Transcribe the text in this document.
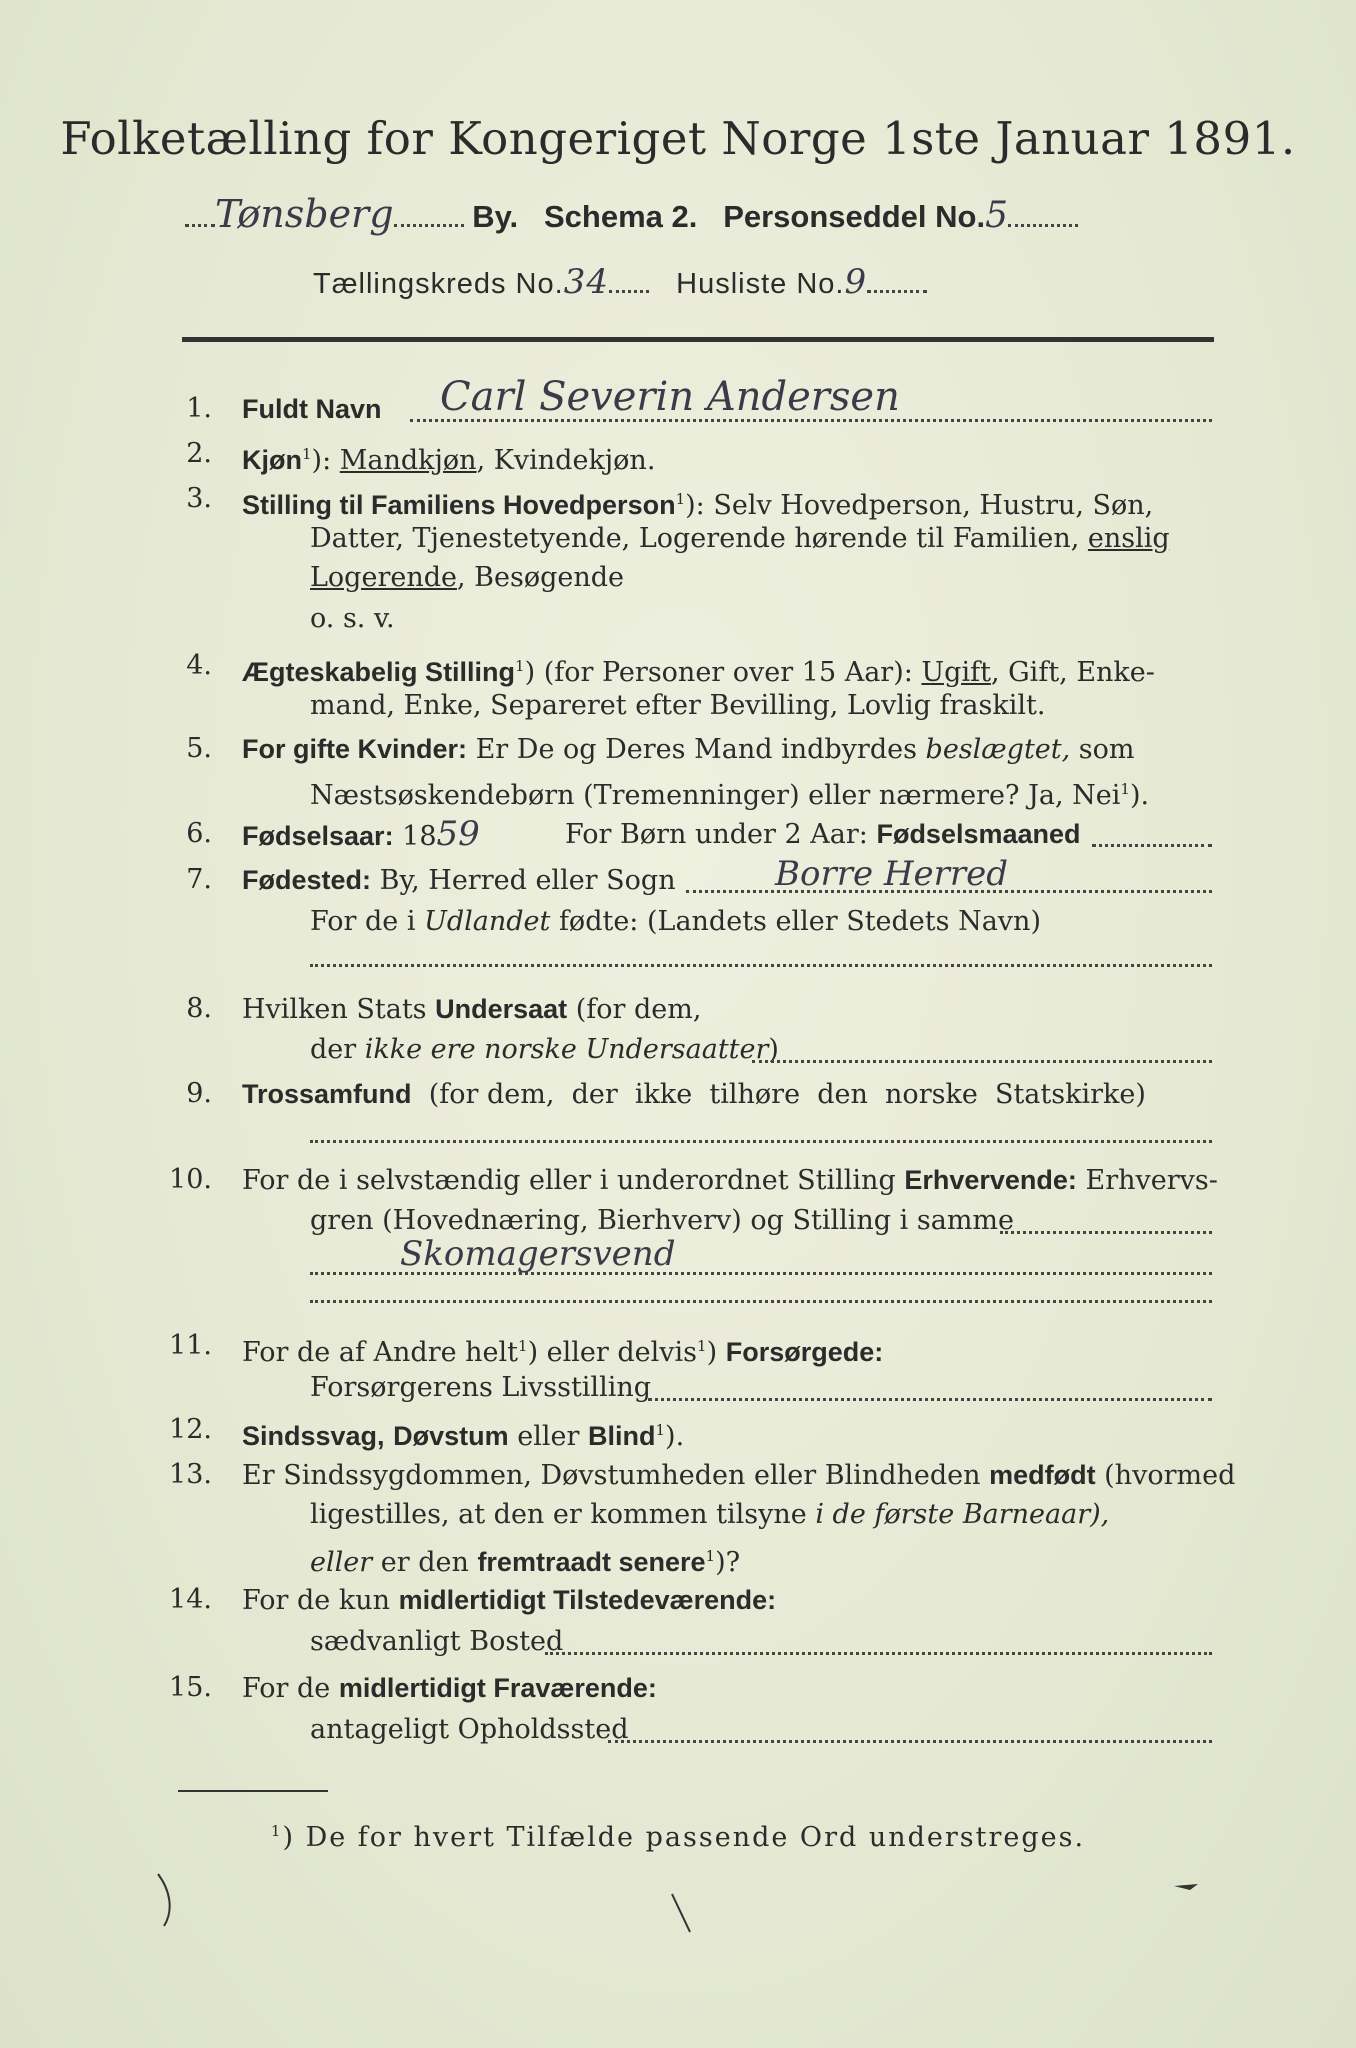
Folketælling for Kongeriget Norge 1ste Januar 1891.
Tønsberg	By. Schema 2. Personseddel No.5
Tællingskreds No.34 Husliste No.9
1. Fuldt Navn Carl Severin Andersen
2. Kjøn$^1$): Mandkjøn, Kvindekjøn.
3. Stilling til Familiens Hovedperson$^1$): Selv Hovedperson, Hustru, Søn,
Datter, Tjenestetyende, Logerende hørende til Familien, enslig
Logerende, Besøgende
o. s. v.
4. Ægteskabelig Stilling$^1$) (for Personer over 15 Aar): Ugift, Gift, Enke-
mand, Enke, Separeret efter Bevilling, Lovlig fraskilt.
5. For gifte Kvinder: Er De og Deres Mand indbyrdes beslægtet, som
Næstsøskendebørn (Tremenninger) eller nærmere? Ja, Nei$^1$).
6. Fødselsaar: 1859	For Børn under 2 Aar: Fødselsmaaned
7. Fødested: By, Herred eller Sogn	Borre Herred
For de i Udlandet fødte: (Landets eller Stedets Navn)
8. Hvilken Stats Undersaat (for dem,
der ikke ere norske Undersaatter)
9. Trossamfund  (for dem,  der  ikke  tilhøre  den  norske  Statskirke)
10. For de i selvstændig eller i underordnet Stilling Erhvervende: Erhvervs-
gren (Hovednæring, Bierhverv) og Stilling i samme
Skomagersvend
11. For de af Andre helt$^1$) eller delvis$^1$) Forsørgede:
Forsørgerens Livsstilling
12. Sindssvag, Døvstum eller Blind$^1$).
13. Er Sindssygdommen, Døvstumheden eller Blindheden medfødt (hvormed
ligestilles, at den er kommen tilsyne i de første Barneaar),
eller er den fremtraadt senere$^1$)?
14. For de kun midlertidigt Tilstedeværende:
sædvanligt Bosted
15. For de midlertidigt Fraværende:
antageligt Opholdssted
$^1$) De for hvert Tilfælde passende Ord understreges.
